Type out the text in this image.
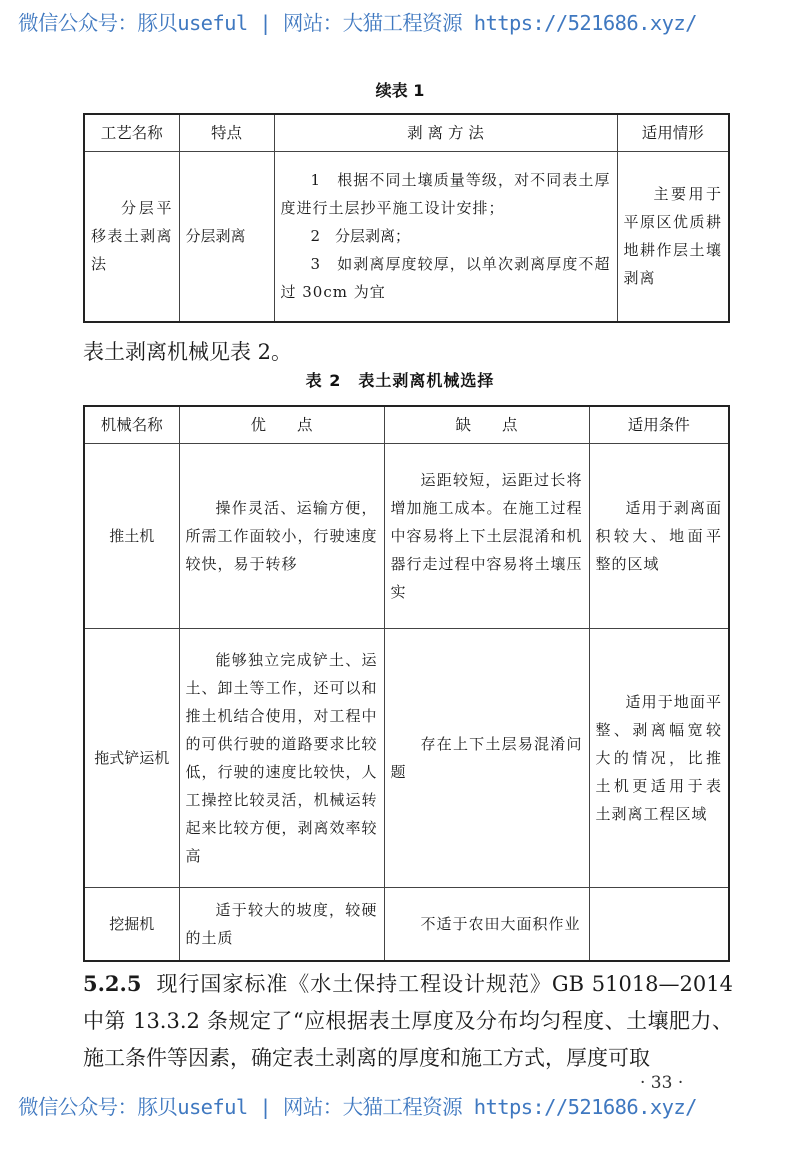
微信公众号：豚贝useful | 网站：大猫工程资源 https://521686.xyz/
续表 1
工艺名称	特点	剥 离 方 法	适用情形
分层平移表土剥离法	分层剥离	1　根据不同土壤质量等级，对不同表土厚度进行土层抄平施工设计安排；
2　分层剥离；
3　如剥离厚度较厚，以单次剥离厚度不超过 30cm 为宜	主要用于平原区优质耕地耕作层土壤剥离
表土剥离机械见表 2。
表 2　表土剥离机械选择
机械名称	优　　点	缺　　点	适用条件
推土机	操作灵活、运输方便，所需工作面较小，行驶速度较快，易于转移	运距较短，运距过长将增加施工成本。在施工过程中容易将上下土层混淆和机器行走过程中容易将土壤压实	适用于剥离面积较大、地面平整的区域
拖式铲运机	能够独立完成铲土、运土、卸土等工作，还可以和推土机结合使用，对工程中的可供行驶的道路要求比较低，行驶的速度比较快，人工操控比较灵活，机械运转起来比较方便，剥离效率较高	存在上下土层易混淆问题	适用于地面平整、剥离幅宽较大的情况，比推土机更适用于表土剥离工程区域
挖掘机	适于较大的坡度，较硬的土质	不适于农田大面积作业	
5.2.5 现行国家标准《水土保持工程设计规范》GB 51018—2014 中第 13.3.2 条规定了“应根据表土厚度及分布均匀程度、土壤肥力、施工条件等因素，确定表土剥离的厚度和施工方式，厚度可取
· 33 ·
微信公众号：豚贝useful | 网站：大猫工程资源 https://521686.xyz/
